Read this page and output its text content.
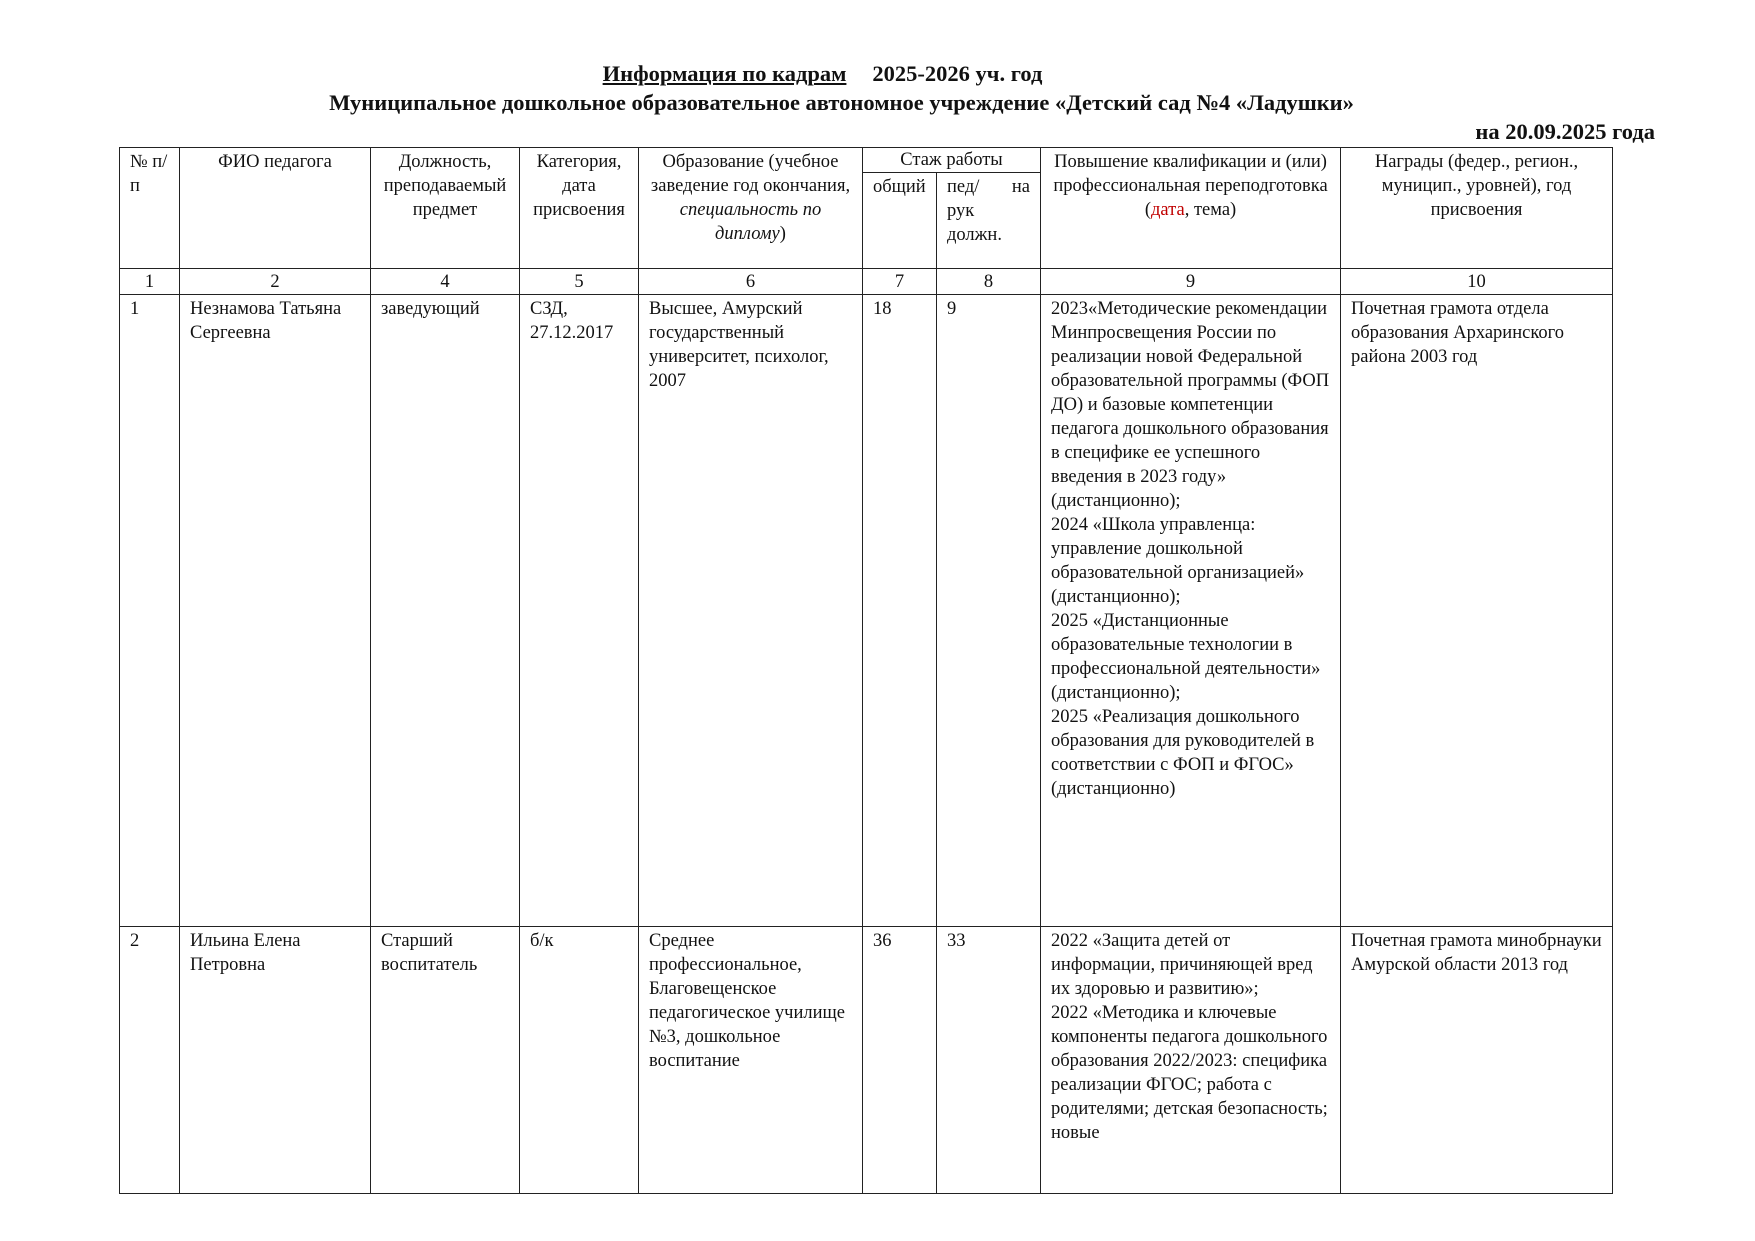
Информация по кадрам 2025-2026 уч. год
Муниципальное дошкольное образовательное автономное учреждение «Детский сад №4 «Ладушки»
на 20.09.2025 года
№ п/п	ФИО педагога	Должность, преподаваемый предмет	Категория, дата присвоения	Образование (учебное заведение год окончания, специальность по диплому)	Стаж работы		Повышение квалификации и (или) профессиональная переподготовка (дата, тема)	Награды (федер., регион., муницип., уровней), год присвоения
					общий	пед/ на
рук должн.		

1	2	4	5	6	7	8	9	10
1	Незнамова Татьяна Сергеевна	заведующий	СЗД, 27.12.2017	Высшее, Амурский государственный университет, психолог, 2007	18	9	2023«Методические рекомендации Минпросвещения России по реализации новой Федеральной образовательной программы (ФОП ДО) и базовые компетенции педагога дошкольного образования в специфике ее успешного введения в 2023 году» (дистанционно);
2024 «Школа управленца: управление дошкольной образовательной организацией» (дистанционно);
2025 «Дистанционные образовательные технологии в профессиональной деятельности» (дистанционно);
2025 «Реализация дошкольного образования для руководителей в соответствии с ФОП и ФГОС» (дистанционно)	Почетная грамота отдела образования Архаринского района 2003 год
2	Ильина Елена Петровна	Старший воспитатель	б/к	Среднее профессиональное, Благовещенское педагогическое училище №3, дошкольное воспитание	36	33	2022 «Защита детей от информации, причиняющей вред их здоровью и развитию»;
2022 «Методика и ключевые компоненты педагога дошкольного образования 2022/2023: специфика реализации ФГОС; работа с родителями; детская безопасность; новые	Почетная грамота минобрнауки Амурской области 2013 год
